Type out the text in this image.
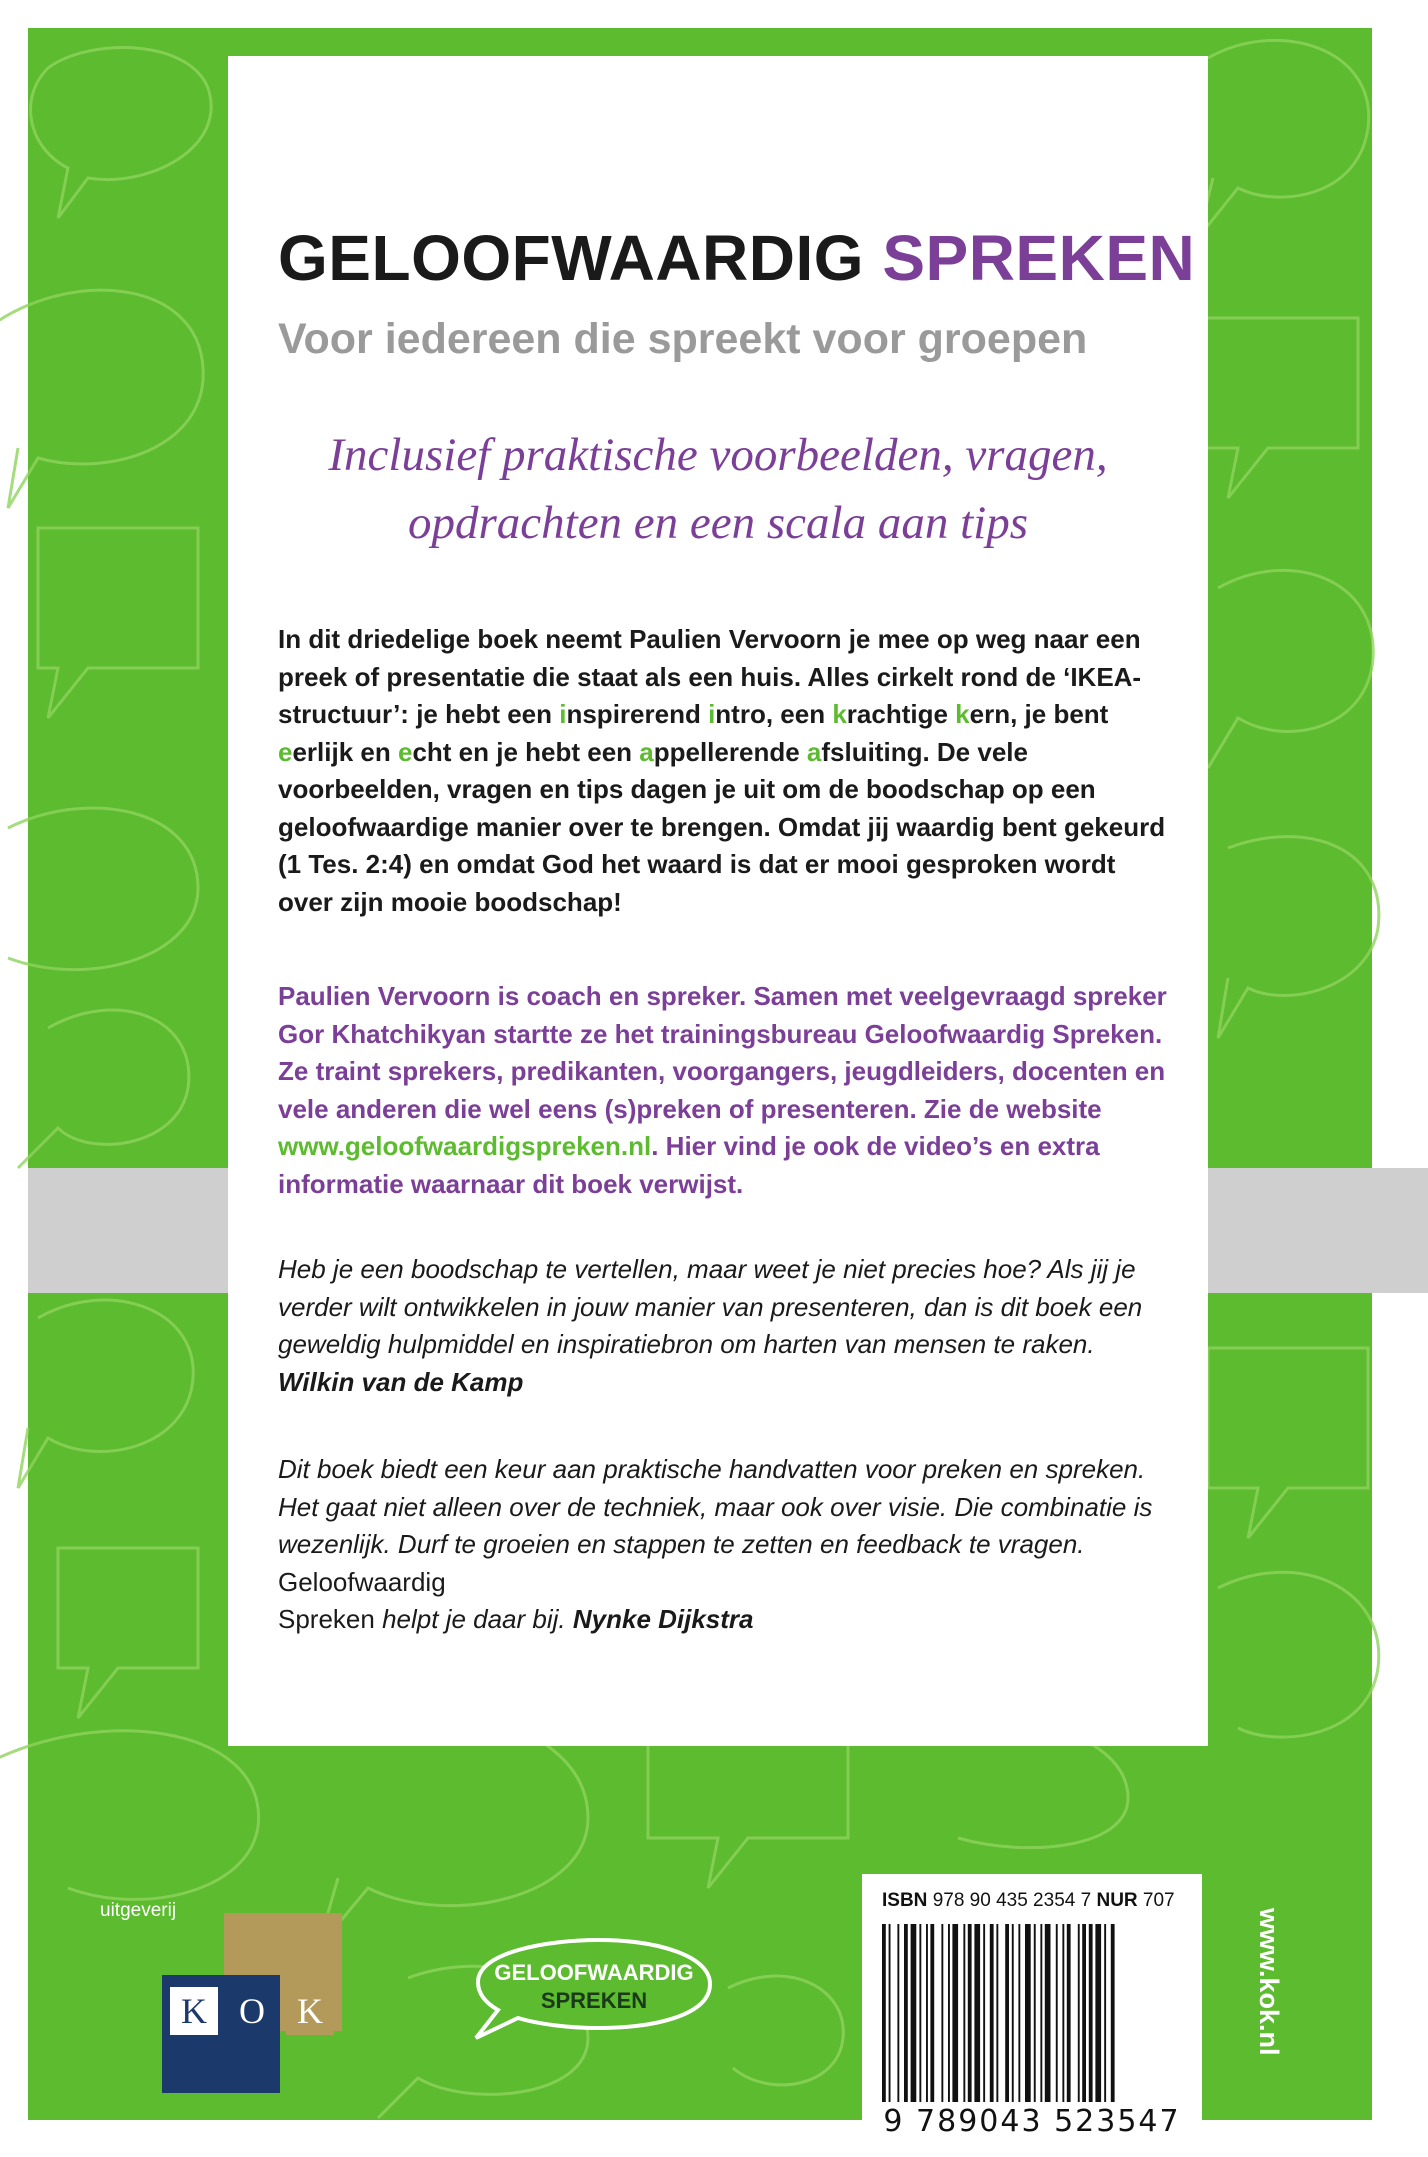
GELOOFWAARDIG SPREKEN

Voor iedereen die spreekt voor groepen

Inclusief praktische voorbeelden, vragen,
opdrachten en een scala aan tips

In dit driedelige boek neemt Paulien Vervoorn je mee op weg naar een preek of presentatie die staat als een huis. Alles cirkelt rond de ‘IKEA-structuur’: je hebt een inspirerend intro, een krachtige kern, je bent eerlijk en echt en je hebt een appellerende afsluiting. De vele voorbeelden, vragen en tips dagen je uit om de boodschap op een geloofwaardige manier over te brengen. Omdat jij waardig bent gekeurd (1 Tes. 2:4) en omdat God het waard is dat er mooi gesproken wordt over zijn mooie boodschap!

Paulien Vervoorn is coach en spreker. Samen met veelgevraagd spreker Gor Khatchikyan startte ze het trainingsbureau Geloofwaardig Spreken. Ze traint sprekers, predikanten, voorgangers, jeugdleiders, docenten en vele anderen die wel eens (s)preken of presenteren. Zie de website www.geloofwaardigspreken.nl. Hier vind je ook de video’s en extra informatie waarnaar dit boek verwijst.

Heb je een boodschap te vertellen, maar weet je niet precies hoe? Als jij je verder wilt ontwikkelen in jouw manier van presenteren, dan is dit boek een geweldig hulpmiddel en inspiratiebron om harten van mensen te raken. Wilkin van de Kamp

Dit boek biedt een keur aan praktische handvatten voor preken en spreken. Het gaat niet alleen over de techniek, maar ook over visie. Die combinatie is wezenlijk. Durf te groeien en stappen te zetten en feedback te vragen. Geloofwaardig
Spreken helpt je daar bij. Nynke Dijkstra

uitgeverij
K O K
GELOOFWAARDIG
SPREKEN
ISBN 978 90 435 2354 7 NUR 707
9 789043 523547
www.kok.nl
